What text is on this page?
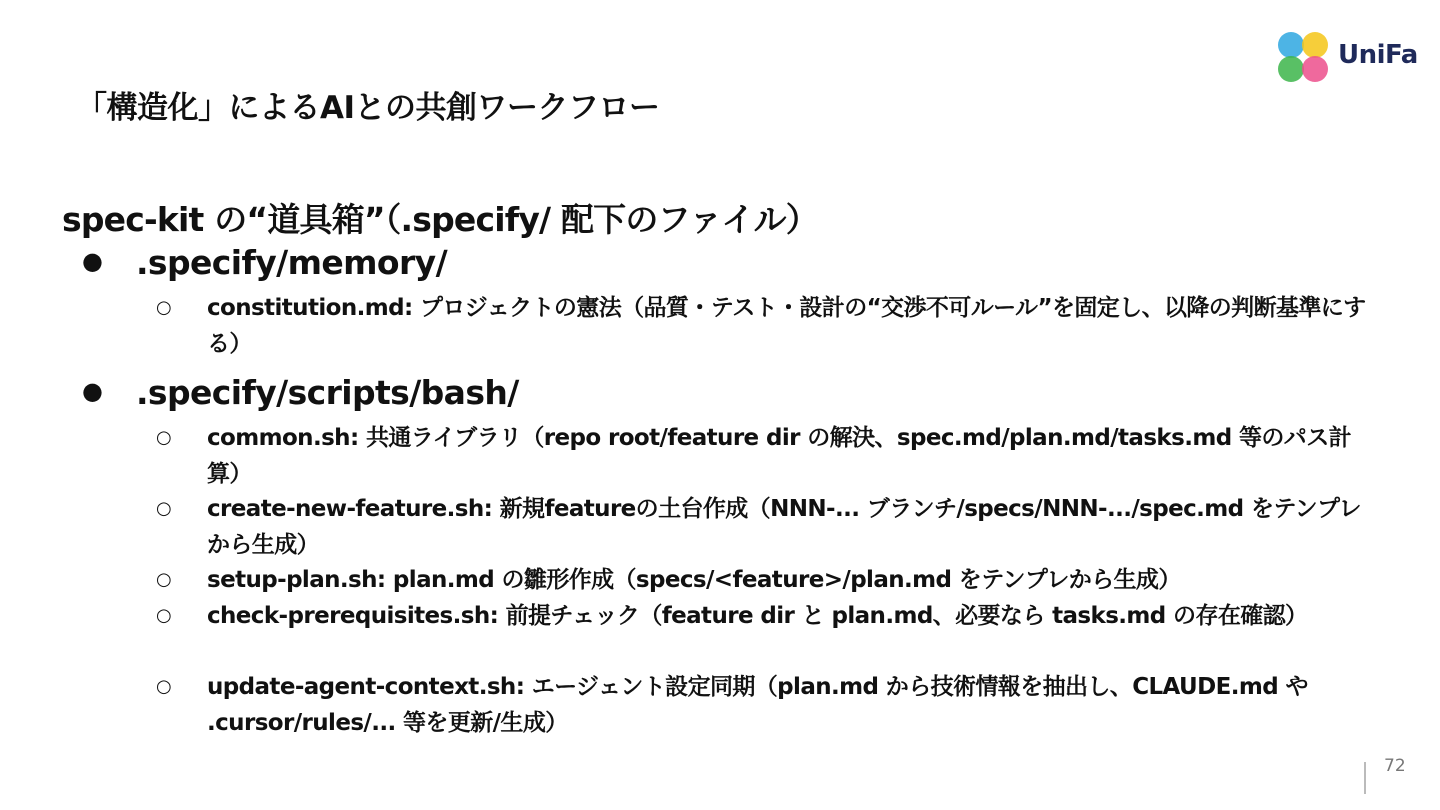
「構造化」によるAIとの共創ワークフロー
UniFa
spec-kit の“道具箱”（.specify/ 配下のファイル）
● .specify/memory/
○ constitution.md: プロジェクトの憲法（品質・テスト・設計の“交渉不可ルール”を固定し、以降の判断基準にする）
● .specify/scripts/bash/
○ common.sh: 共通ライブラリ（repo root/feature dir の解決、spec.md/plan.md/tasks.md 等のパス計算）
○ create-new-feature.sh: 新規featureの土台作成（NNN-... ブランチ/specs/NNN-.../spec.md をテンプレから生成）
○ setup-plan.sh: plan.md の雛形作成（specs/<feature>/plan.md をテンプレから生成）
○ check-prerequisites.sh: 前提チェック（feature dir と plan.md、必要なら tasks.md の存在確認）
○ update-agent-context.sh: エージェント設定同期（plan.md から技術情報を抽出し、CLAUDE.md や .cursor/rules/... 等を更新/生成）
72
